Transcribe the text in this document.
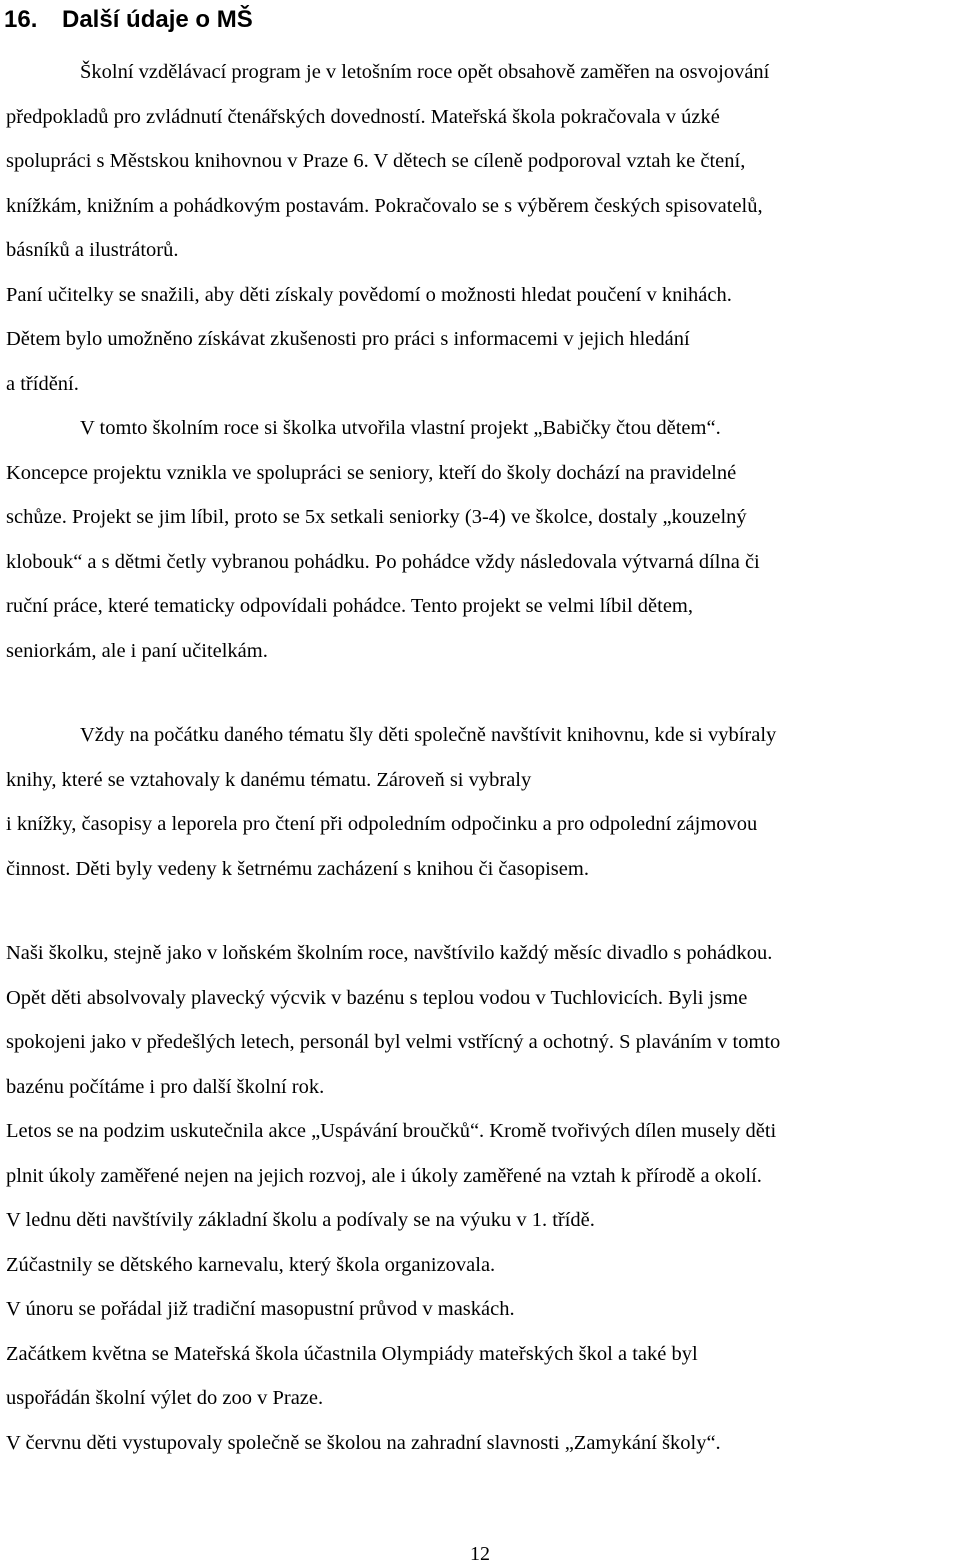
16. Další údaje o MŠ
Školní vzdělávací program je v letošním roce opět obsahově zaměřen na osvojování
předpokladů pro zvládnutí čtenářských dovedností. Mateřská škola pokračovala v úzké
spolupráci s Městskou knihovnou v Praze 6. V dětech se cíleně podporoval vztah ke čtení,
knížkám, knižním a pohádkovým postavám. Pokračovalo se s výběrem českých spisovatelů,
básníků a ilustrátorů.
Paní učitelky se snažili, aby děti získaly povědomí o možnosti hledat poučení v knihách.
Dětem bylo umožněno získávat zkušenosti pro práci s informacemi v jejich hledání
a třídění.
V tomto školním roce si školka utvořila vlastní projekt „Babičky čtou dětem“.
Koncepce projektu vznikla ve spolupráci se seniory, kteří do školy dochází na pravidelné
schůze. Projekt se jim líbil, proto se 5x setkali seniorky (3-4) ve školce, dostaly „kouzelný
klobouk“ a s dětmi četly vybranou pohádku. Po pohádce vždy následovala výtvarná dílna či
ruční práce, které tematicky odpovídali pohádce. Tento projekt se velmi líbil dětem,
seniorkám, ale i paní učitelkám.
Vždy na počátku daného tématu šly děti společně navštívit knihovnu, kde si vybíraly
knihy, které se vztahovaly k danému tématu. Zároveň si vybraly
i knížky, časopisy a leporela pro čtení při odpoledním odpočinku a pro odpolední zájmovou
činnost. Děti byly vedeny k šetrnému zacházení s knihou či časopisem.
Naši školku, stejně jako v loňském školním roce, navštívilo každý měsíc divadlo s pohádkou.
Opět děti absolvovaly plavecký výcvik v bazénu s teplou vodou v Tuchlovicích. Byli jsme
spokojeni jako v předešlých letech, personál byl velmi vstřícný a ochotný. S plaváním v tomto
bazénu počítáme i pro další školní rok.
Letos se na podzim uskutečnila akce „Uspávání broučků“. Kromě tvořivých dílen musely děti
plnit úkoly zaměřené nejen na jejich rozvoj, ale i úkoly zaměřené na vztah k přírodě a okolí.
V lednu děti navštívily základní školu a podívaly se na výuku v 1. třídě.
Zúčastnily se dětského karnevalu, který škola organizovala.
V únoru se pořádal již tradiční masopustní průvod v maskách.
Začátkem května se Mateřská škola účastnila Olympiády mateřských škol a také byl
uspořádán školní výlet do zoo v Praze.
V červnu děti vystupovaly společně se školou na zahradní slavnosti „Zamykání školy“.
12
